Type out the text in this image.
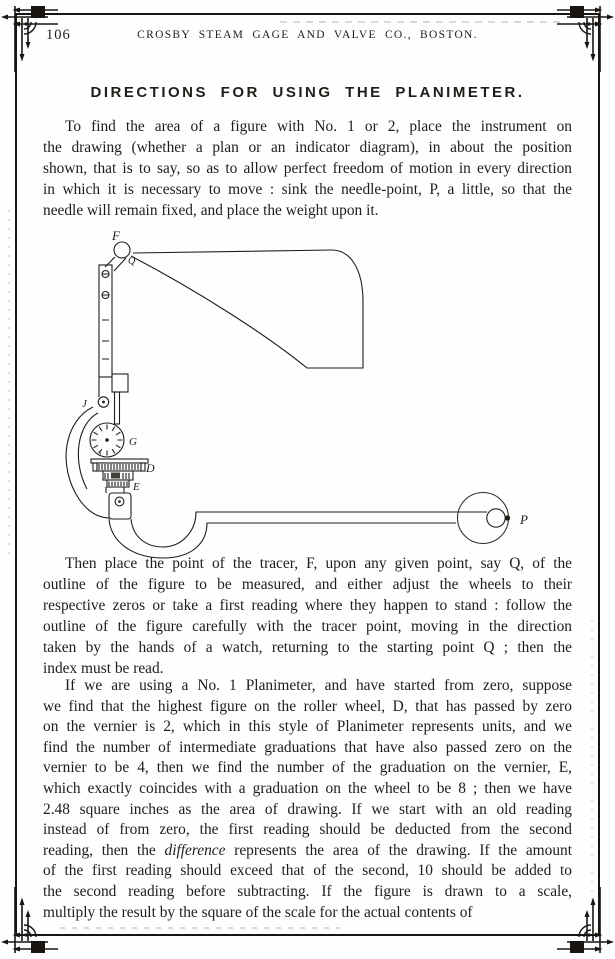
106	CROSBY STEAM GAGE AND VALVE CO., BOSTON.
DIRECTIONS FOR USING THE PLANIMETER.
To find the area of a figure with No. 1 or 2, place the instrument on
the drawing (whether a plan or an indicator diagram), in about the position
shown, that is to say, so as to allow perfect freedom of motion in every direction
in which it is necessary to move : sink the needle-point, P, a little, so that the
needle will remain fixed, and place the weight upon it.
5
F
Q
J
G
D
E
P
Then place the point of the tracer, F, upon any given point, say Q, of the
outline of the figure to be measured, and either adjust the wheels to their
respective zeros or take a first reading where they happen to stand : follow the
outline of the figure carefully with the tracer point, moving in the direction
taken by the hands of a watch, returning to the starting point Q ; then the
index must be read.
If we are using a No. 1 Planimeter, and have started from zero, suppose
we find that the highest figure on the roller wheel, D, that has passed by zero
on the vernier is 2, which in this style of Planimeter represents units, and we
find the number of intermediate graduations that have also passed zero on the
vernier to be 4, then we find the number of the graduation on the vernier, E,
which exactly coincides with a graduation on the wheel to be 8 ; then we have
2.48 square inches as the area of drawing. If we start with an old reading
instead of from zero, the first reading should be deducted from the second
reading, then the difference represents the area of the drawing. If the amount
of the first reading should exceed that of the second, 10 should be added to
the second reading before subtracting. If the figure is drawn to a scale,
multiply the result by the square of the scale for the actual contents of
